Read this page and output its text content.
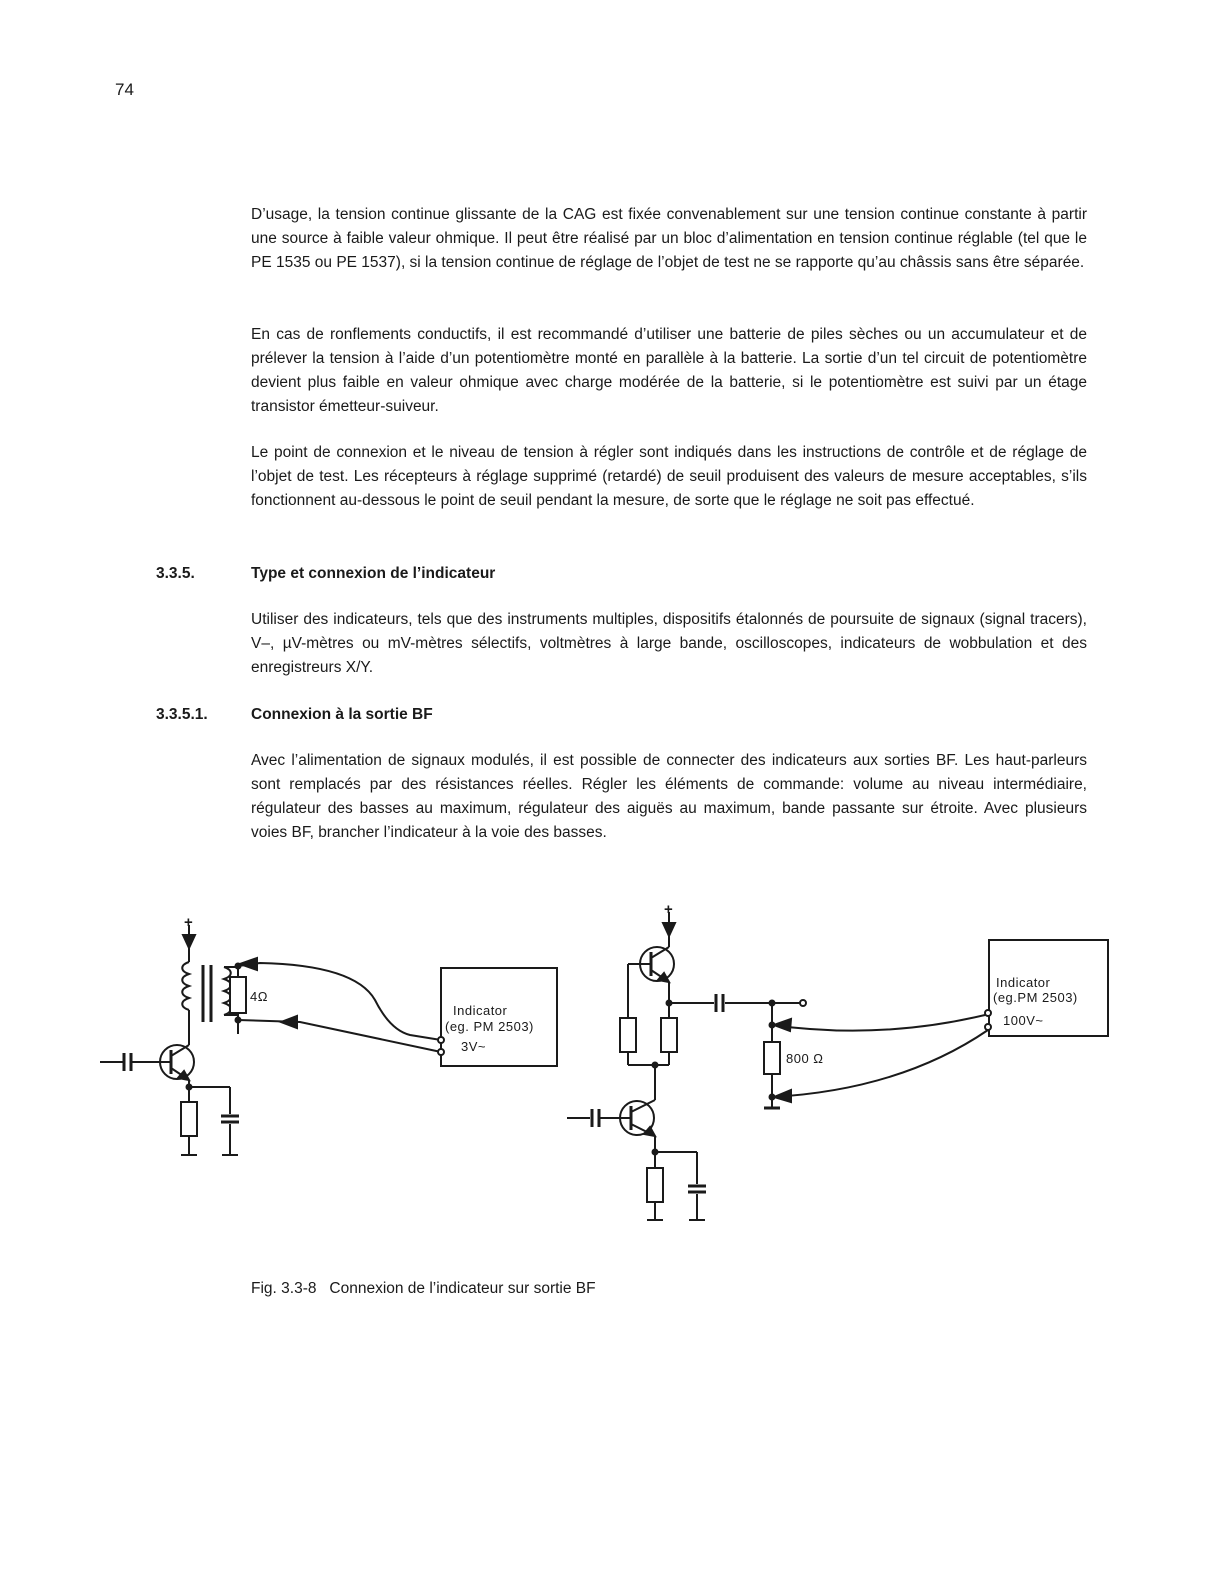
74

D’usage, la tension continue glissante de la CAG est fixée convenablement sur une tension continue constante à partir une source à faible valeur ohmique. Il peut être réalisé par un bloc d’alimentation en tension continue réglable (tel que le PE 1535 ou PE 1537), si la tension continue de réglage de l’objet de test ne se rapporte qu’au châssis sans être séparée.

En cas de ronflements conductifs, il est recommandé d’utiliser une batterie de piles sèches ou un accumulateur et de prélever la tension à l’aide d’un potentiomètre monté en parallèle à la batterie. La sortie d’un tel circuit de potentiomètre devient plus faible en valeur ohmique avec charge modérée de la batterie, si le potentiomètre est suivi par un étage transistor émetteur-suiveur.

Le point de connexion et le niveau de tension à régler sont indiqués dans les instructions de contrôle et de réglage de l’objet de test. Les récepteurs à réglage supprimé (retardé) de seuil produisent des valeurs de mesure acceptables, s’ils fonctionnent au-dessous le point de seuil pendant la mesure, de sorte que le réglage ne soit pas effectué.

3.3.5.	Type et connexion de l’indicateur

Utiliser des indicateurs, tels que des instruments multiples, dispositifs étalonnés de poursuite de signaux (signal tracers), V–, µV-mètres ou mV-mètres sélectifs, voltmètres à large bande, oscilloscopes, indicateurs de wobbulation et des enregistreurs X/Y.

3.3.5.1.	Connexion à la sortie BF

Avec l’alimentation de signaux modulés, il est possible de connecter des indicateurs aux sorties BF. Les haut-parleurs sont remplacés par des résistances réelles. Régler les éléments de commande: volume au niveau intermédiaire, régulateur des basses au maximum, régulateur des aiguës au maximum, bande passante sur étroite. Avec plusieurs voies BF, brancher l’indicateur à la voie des basses.

+
4Ω
Indicator
(eg. PM 2503)
3V~
+
800 Ω
Indicator
(eg.PM 2503)
100V~
Fig. 3.3-8   Connexion de l’indicateur sur sortie BF
